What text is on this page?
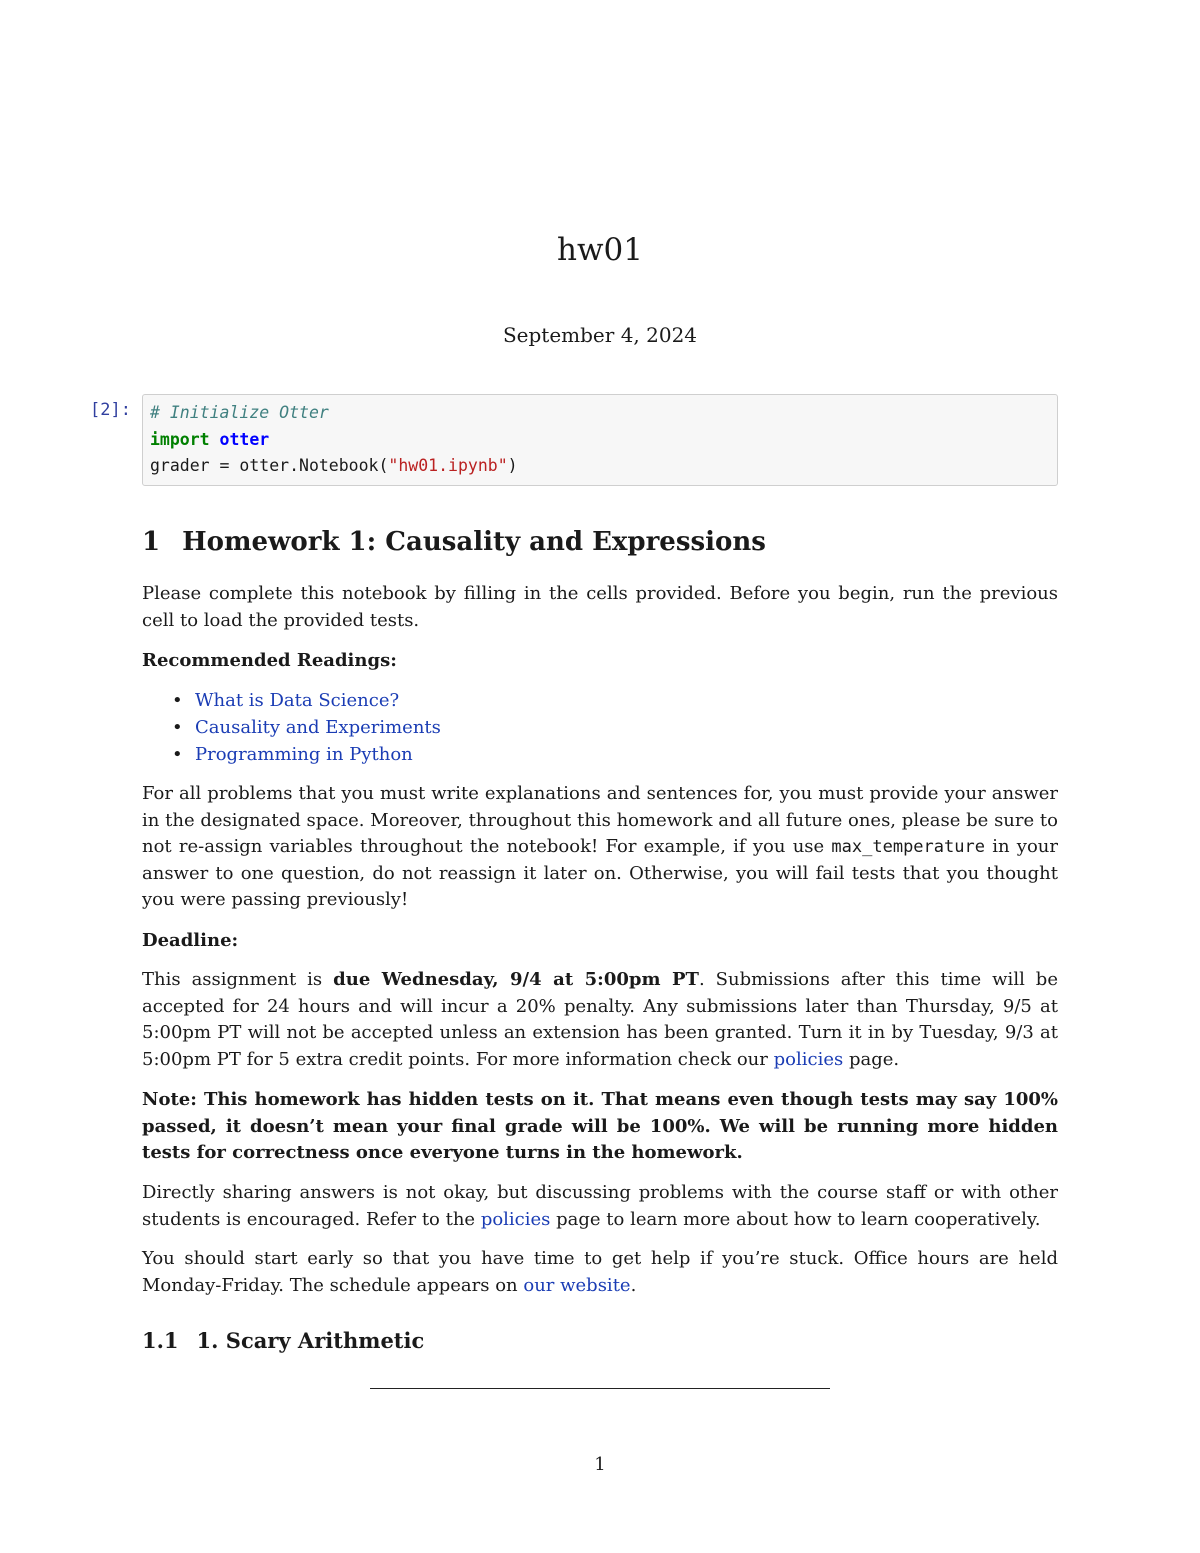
hw01
September 4, 2024
[2]: # Initialize Otter
import otter
grader = otter.Notebook("hw01.ipynb")
1 Homework 1: Causality and Expressions

Please complete this notebook by filling in the cells provided. Before you begin, run the previous cell to load the provided tests.

Recommended Readings:

• What is Data Science?
• Causality and Experiments
• Programming in Python

For all problems that you must write explanations and sentences for, you must provide your answer in the designated space. Moreover, throughout this homework and all future ones, please be sure to not re-assign variables throughout the notebook! For example, if you use max_temperature in your answer to one question, do not reassign it later on. Otherwise, you will fail tests that you thought you were passing previously!

Deadline:

This assignment is due Wednesday, 9/4 at 5:00pm PT. Submissions after this time will be accepted for 24 hours and will incur a 20% penalty. Any submissions later than Thursday, 9/5 at 5:00pm PT will not be accepted unless an extension has been granted. Turn it in by Tuesday, 9/3 at 5:00pm PT for 5 extra credit points. For more information check our policies page.

Note: This homework has hidden tests on it. That means even though tests may say 100% passed, it doesn’t mean your final grade will be 100%. We will be running more hidden tests for correctness once everyone turns in the homework.

Directly sharing answers is not okay, but discussing problems with the course staff or with other students is encouraged. Refer to the policies page to learn more about how to learn cooperatively.

You should start early so that you have time to get help if you’re stuck. Office hours are held Monday-Friday. The schedule appears on our website.

1.1 1. Scary Arithmetic
1
